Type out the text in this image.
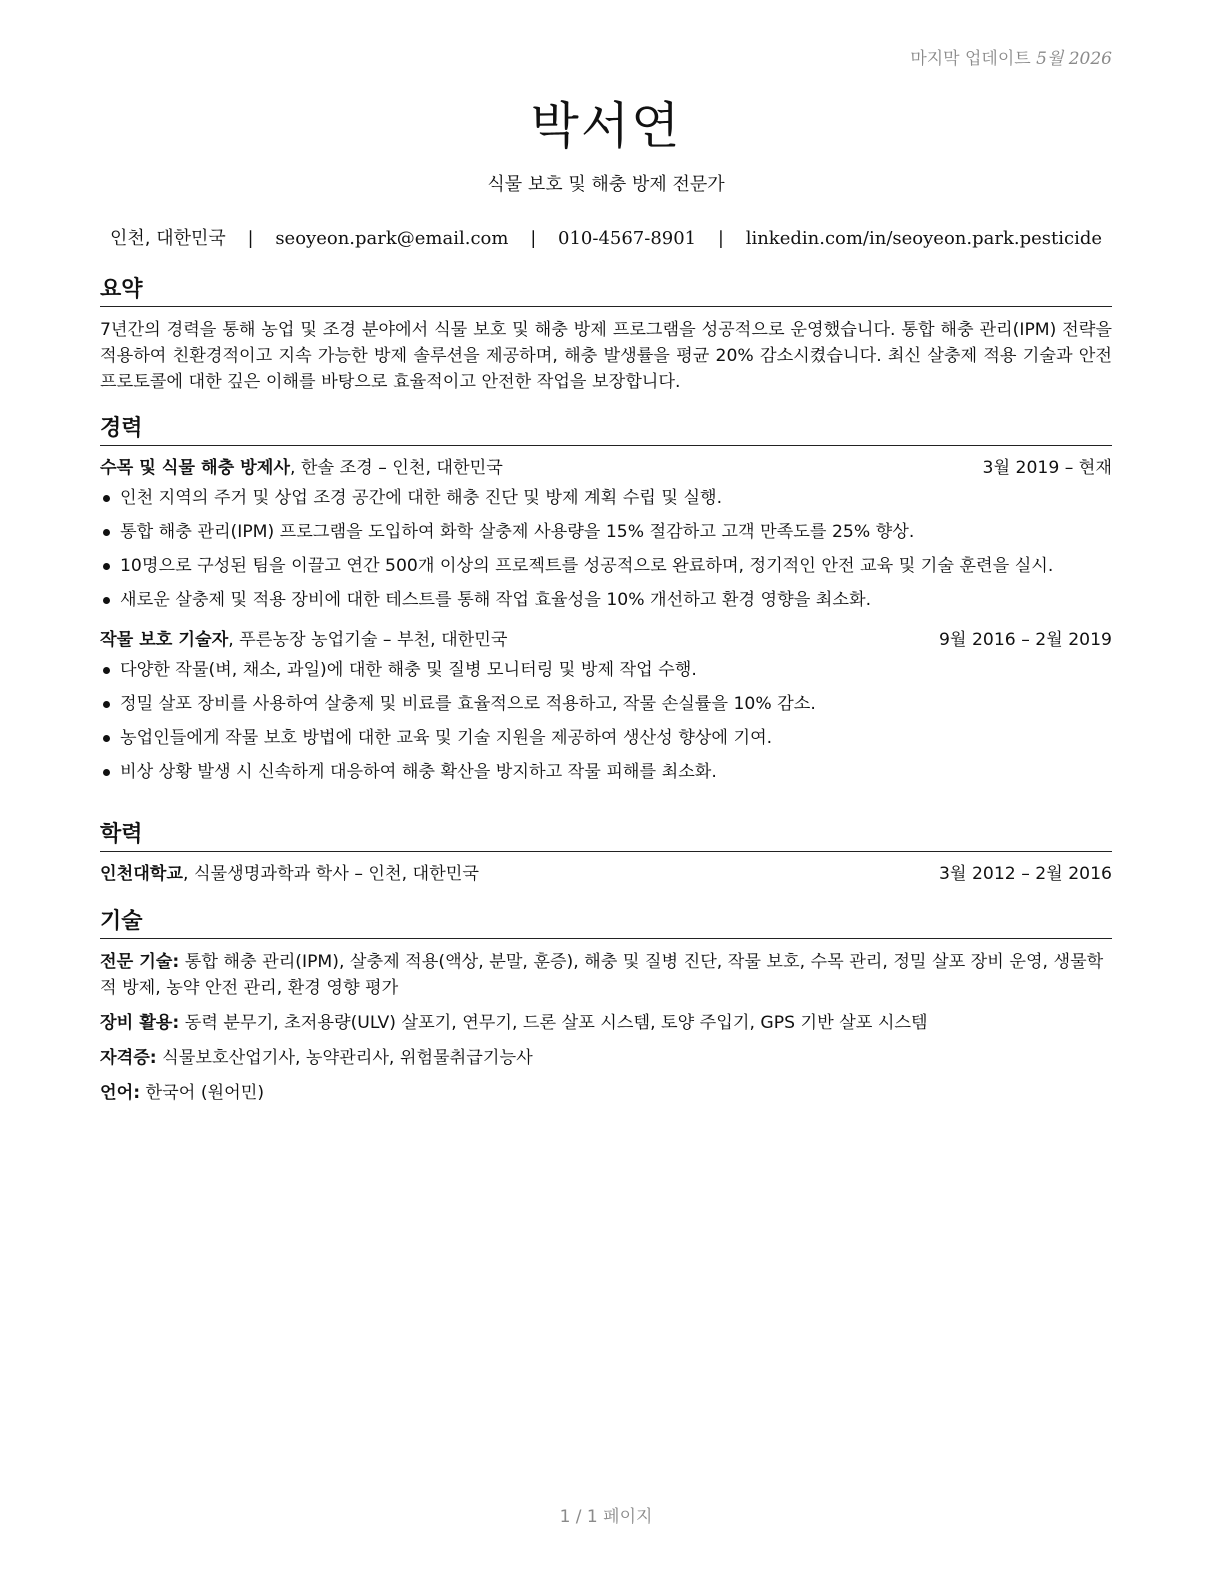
마지막 업데이트 5월 2026
박서연
식물 보호 및 해충 방제 전문가
인천, 대한민국 | seoyeon.park@email.com | 010-4567-8901 | linkedin.com/in/seoyeon.park.pesticide
요약

7년간의 경력을 통해 농업 및 조경 분야에서 식물 보호 및 해충 방제 프로그램을 성공적으로 운영했습니다. 통합 해충 관리(IPM) 전략을 적용하여 친환경적이고 지속 가능한 방제 솔루션을 제공하며, 해충 발생률을 평균 20% 감소시켰습니다. 최신 살충제 적용 기술과 안전 프로토콜에 대한 깊은 이해를 바탕으로 효율적이고 안전한 작업을 보장합니다.

경력
수목 및 식물 해충 방제사, 한솔 조경 – 인천, 대한민국	3월 2019 – 현재
인천 지역의 주거 및 상업 조경 공간에 대한 해충 진단 및 방제 계획 수립 및 실행.
통합 해충 관리(IPM) 프로그램을 도입하여 화학 살충제 사용량을 15% 절감하고 고객 만족도를 25% 향상.
10명으로 구성된 팀을 이끌고 연간 500개 이상의 프로젝트를 성공적으로 완료하며, 정기적인 안전 교육 및 기술 훈련을 실시.
새로운 살충제 및 적용 장비에 대한 테스트를 통해 작업 효율성을 10% 개선하고 환경 영향을 최소화.
작물 보호 기술자, 푸른농장 농업기술 – 부천, 대한민국	9월 2016 – 2월 2019
다양한 작물(벼, 채소, 과일)에 대한 해충 및 질병 모니터링 및 방제 작업 수행.
정밀 살포 장비를 사용하여 살충제 및 비료를 효율적으로 적용하고, 작물 손실률을 10% 감소.
농업인들에게 작물 보호 방법에 대한 교육 및 기술 지원을 제공하여 생산성 향상에 기여.
비상 상황 발생 시 신속하게 대응하여 해충 확산을 방지하고 작물 피해를 최소화.
학력
인천대학교, 식물생명과학과 학사 – 인천, 대한민국	3월 2012 – 2월 2016
기술

전문 기술: 통합 해충 관리(IPM), 살충제 적용(액상, 분말, 훈증), 해충 및 질병 진단, 작물 보호, 수목 관리, 정밀 살포 장비 운영, 생물학적 방제, 농약 안전 관리, 환경 영향 평가

장비 활용: 동력 분무기, 초저용량(ULV) 살포기, 연무기, 드론 살포 시스템, 토양 주입기, GPS 기반 살포 시스템

자격증: 식물보호산업기사, 농약관리사, 위험물취급기능사

언어: 한국어 (원어민)

1 / 1 페이지
